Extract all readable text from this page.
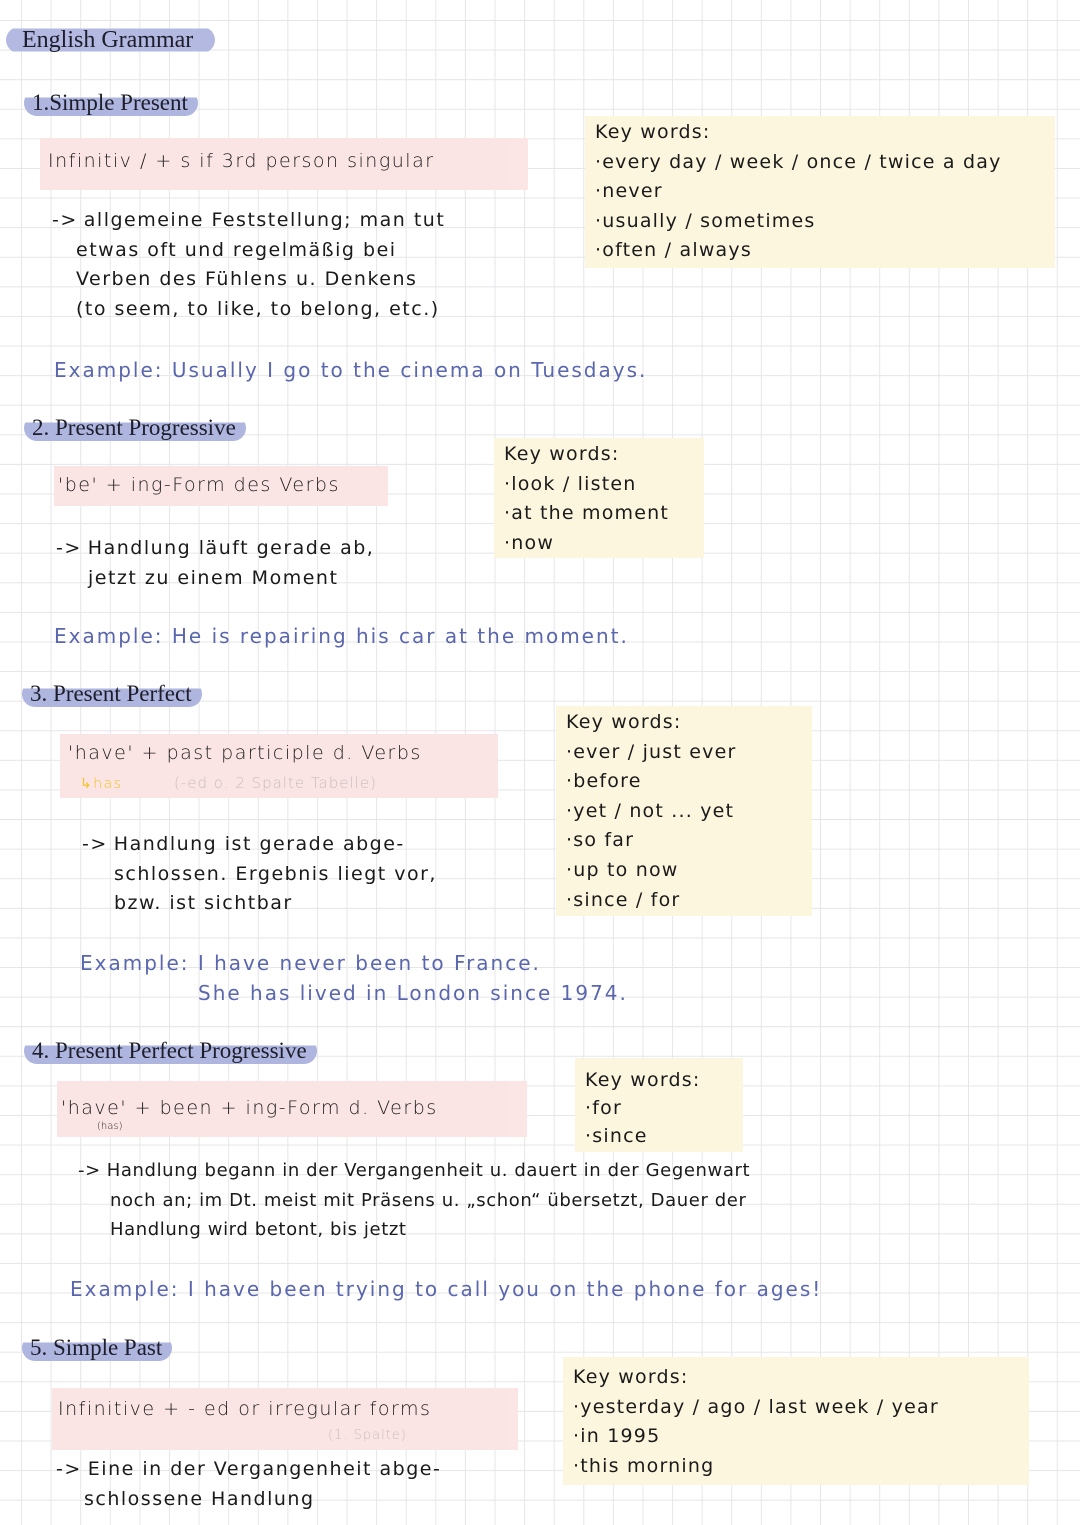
English Grammar
1.Simple Present
Infinitiv / + s if 3rd person singular
-> allgemeine Feststellung; man tut
etwas oft und regelmäßig bei
Verben des Fühlens u. Denkens
(to seem, to like, to belong, etc.)
Key words:
· every day / week / once / twice a day
· never
· usually / sometimes
· often / always
Example: Usually I go to the cinema on Tuesdays.
2. Present Progressive
'be' + ing-Form des Verbs
-> Handlung läuft gerade ab,
jetzt zu einem Moment
Key words:
· look / listen
· at the moment
· now
Example: He is repairing his car at the moment.
3. Present Perfect
'have' + past participle d. Verbs
↳has	(-ed o. 2 Spalte Tabelle)
-> Handlung ist gerade abge-
schlossen. Ergebnis liegt vor,
bzw. ist sichtbar
Key words:
· ever / just ever
· before
· yet / not ... yet
· so far
· up to now
· since / for
Example: I have never been to France.
She has lived in London since 1974.
4. Present Perfect Progressive
'have' + been + ing-Form d. Verbs
(has)
Key words:
· for
· since
-> Handlung begann in der Vergangenheit u. dauert in der Gegenwart
noch an; im Dt. meist mit Präsens u. „schon“ übersetzt, Dauer der
Handlung wird betont, bis jetzt
Example: I have been trying to call you on the phone for ages!
5. Simple Past
Infinitive + - ed or irregular forms
(1. Spalte)
-> Eine in der Vergangenheit abge-
schlossene Handlung
Key words:
· yesterday / ago / last week / year
· in 1995
· this morning
